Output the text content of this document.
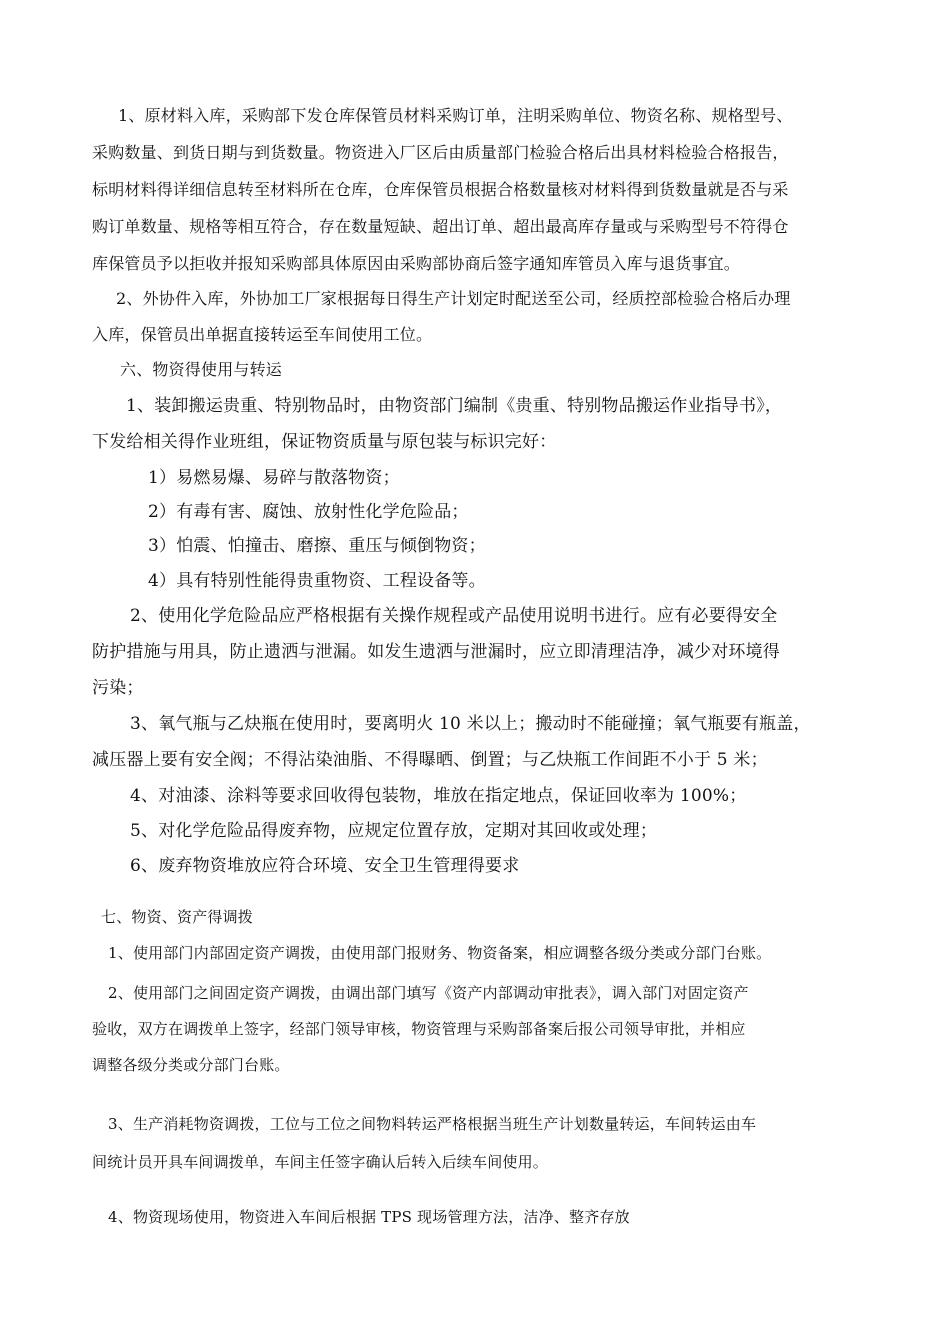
1、原材料入库，采购部下发仓库保管员材料采购订单，注明采购单位、物资名称、规格型号、

采购数量、到货日期与到货数量。物资进入厂区后由质量部门检验合格后出具材料检验合格报告，

标明材料得详细信息转至材料所在仓库，仓库保管员根据合格数量核对材料得到货数量就是否与采

购订单数量、规格等相互符合，存在数量短缺、超出订单、超出最高库存量或与采购型号不符得仓

库保管员予以拒收并报知采购部具体原因由采购部协商后签字通知库管员入库与退货事宜。

2、外协件入库，外协加工厂家根据每日得生产计划定时配送至公司，经质控部检验合格后办理

入库，保管员出单据直接转运至车间使用工位。

六、物资得使用与转运

1、装卸搬运贵重、特别物品时，由物资部门编制《贵重、特别物品搬运作业指导书》，

下发给相关得作业班组，保证物资质量与原包装与标识完好：

1）易燃易爆、易碎与散落物资；

2）有毒有害、腐蚀、放射性化学危险品；

3）怕震、怕撞击、磨擦、重压与倾倒物资；

4）具有特别性能得贵重物资、工程设备等。

2、使用化学危险品应严格根据有关操作规程或产品使用说明书进行。应有必要得安全

防护措施与用具，防止遗洒与泄漏。如发生遗洒与泄漏时，应立即清理洁净，减少对环境得

污染；

3、氧气瓶与乙炔瓶在使用时，要离明火 10 米以上；搬动时不能碰撞；氧气瓶要有瓶盖，

减压器上要有安全阀；不得沾染油脂、不得曝晒、倒置；与乙炔瓶工作间距不小于 5 米；

4、对油漆、涂料等要求回收得包装物，堆放在指定地点，保证回收率为 100%；

5、对化学危险品得废弃物，应规定位置存放，定期对其回收或处理；

6、废弃物资堆放应符合环境、安全卫生管理得要求

七、物资、资产得调拨

1、使用部门内部固定资产调拨，由使用部门报财务、物资备案，相应调整各级分类或分部门台账。

2、使用部门之间固定资产调拨，由调出部门填写《资产内部调动审批表》，调入部门对固定资产

验收，双方在调拨单上签字，经部门领导审核，物资管理与采购部备案后报公司领导审批，并相应

调整各级分类或分部门台账。

3、生产消耗物资调拨，工位与工位之间物料转运严格根据当班生产计划数量转运，车间转运由车

间统计员开具车间调拨单，车间主任签字确认后转入后续车间使用。

4、物资现场使用，物资进入车间后根据 TPS 现场管理方法，洁净、整齐存放
